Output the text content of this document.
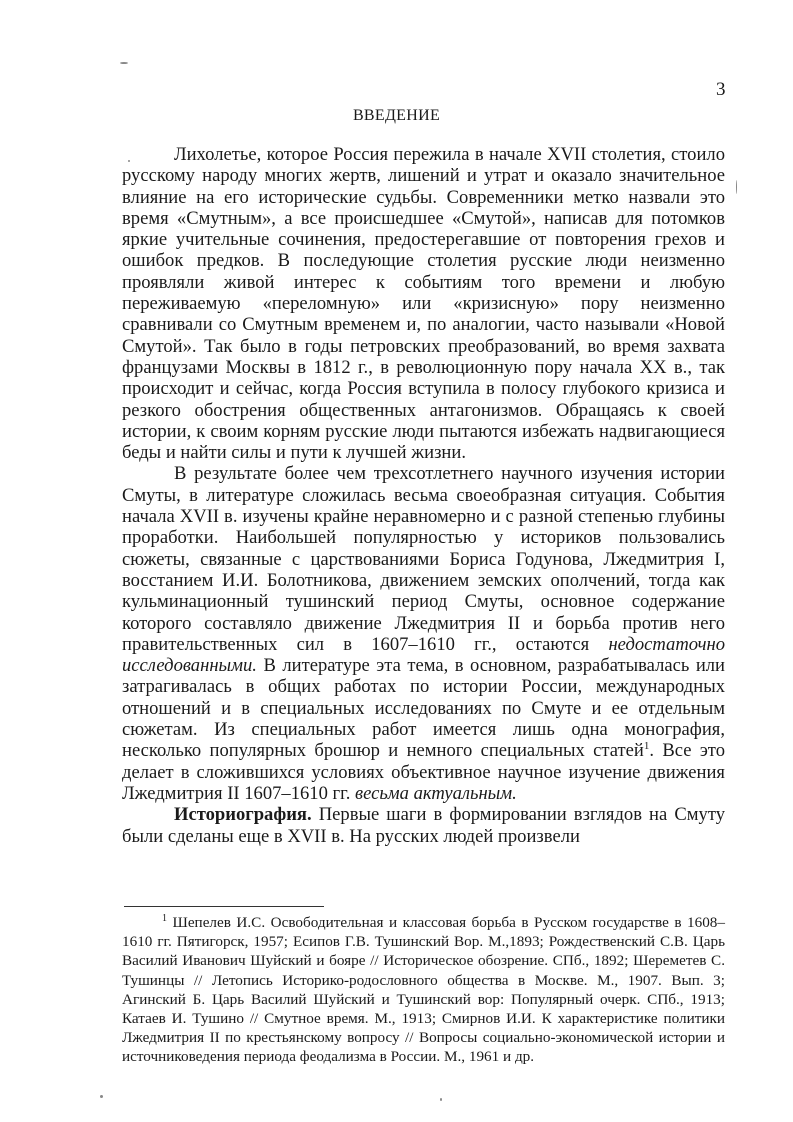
3
ВВЕДЕНИЕ

Лихолетье, которое Россия пережила в начале XVII столетия, стоило русскому народу многих жертв, лишений и утрат и оказало значительное влияние на его исторические судьбы. Современники метко назвали это время «Смутным», а все происшедшее «Смутой», написав для потомков яркие учительные сочинения, предостерегавшие от повторения грехов и ошибок предков. В последующие столетия русские люди неизменно проявляли живой интерес к событиям того времени и любую переживаемую «переломную» или «кризисную» пору неизменно сравнивали со Смутным временем и, по аналогии, часто называли «Новой Смутой». Так было в годы петровских преобразований, во время захвата французами Москвы в 1812 г., в революционную пору начала XX в., так происходит и сейчас, когда Россия вступила в полосу глубокого кризиса и резкого обострения общественных антагонизмов. Обращаясь к своей истории, к своим корням русские люди пытаются избежать надвигающиеся беды и найти силы и пути к лучшей жизни.

В результате более чем трехсотлетнего научного изучения истории Смуты, в литературе сложилась весьма своеобразная ситуация. События начала XVII в. изучены крайне неравномерно и с разной степенью глубины проработки. Наибольшей популярностью у историков пользовались сюжеты, связанные с царствованиями Бориса Годунова, Лжедмитрия I, восстанием И.И. Болотникова, движением земских ополчений, тогда как кульминационный тушинский период Смуты, основное содержание которого составляло движение Лжедмитрия II и борьба против него правительственных сил в 1607–1610 гг., остаются недостаточно исследованными. В литературе эта тема, в основном, разрабатывалась или затрагивалась в общих работах по истории России, международных отношений и в специальных исследованиях по Смуте и ее отдельным сюжетам. Из специальных работ имеется лишь одна монография, несколько популярных брошюр и немного специальных статей$^1$. Все это делает в сложившихся условиях объективное научное изучение движения Лжедмитрия II 1607–1610 гг. весьма актуальным.

Историография. Первые шаги в формировании взглядов на Смуту были сделаны еще в XVII в. На русских людей произвели

$^1$ Шепелев И.С. Освободительная и классовая борьба в Русском государстве в 1608–1610 гг. Пятигорск, 1957; Есипов Г.В. Тушинский Вор. М.,1893; Рождественский С.В. Царь Василий Иванович Шуйский и бояре // Историческое обозрение. СПб., 1892; Шереметев С. Тушинцы // Летопись Историко-родословного общества в Москве. М., 1907. Вып. 3; Агинский Б. Царь Василий Шуйский и Тушинский вор: Популярный очерк. СПб., 1913; Катаев И. Тушино // Смутное время. М., 1913; Смирнов И.И. К характеристике политики Лжедмитрия II по крестьянскому вопросу // Вопросы социально-экономической истории и источниковедения периода феодализма в России. М., 1961 и др.
